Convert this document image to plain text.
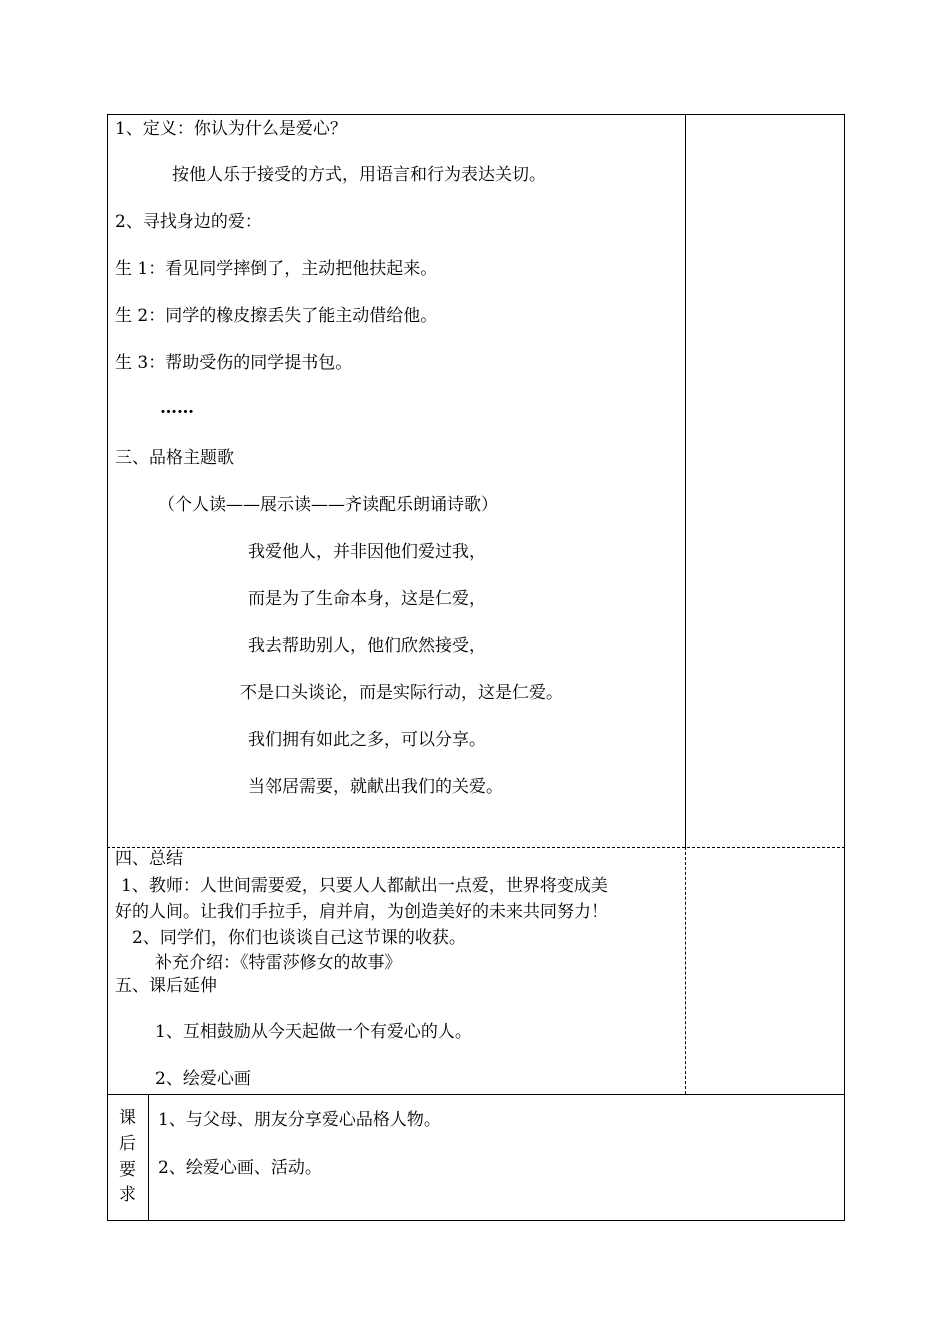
1、定义：你认为什么是爱心？
按他人乐于接受的方式，用语言和行为表达关切。
2、寻找身边的爱：
生 1：看见同学摔倒了，主动把他扶起来。
生 2：同学的橡皮擦丢失了能主动借给他。
生 3：帮助受伤的同学提书包。
……
三、品格主题歌
（个人读——展示读——齐读配乐朗诵诗歌）
我爱他人，并非因他们爱过我，
而是为了生命本身，这是仁爱，
我去帮助别人，他们欣然接受，
不是口头谈论，而是实际行动，这是仁爱。
我们拥有如此之多，可以分享。
当邻居需要，就献出我们的关爱。
四、总结
1、教师：人世间需要爱，只要人人都献出一点爱，世界将变成美
好的人间。让我们手拉手，肩并肩，为创造美好的未来共同努力！
2、同学们，你们也谈谈自己这节课的收获。
补充介绍：《特雷莎修女的故事》
五、课后延伸
1、互相鼓励从今天起做一个有爱心的人。
2、绘爱心画
课
后
要
求
1、与父母、朋友分享爱心品格人物。
2、绘爱心画、活动。
